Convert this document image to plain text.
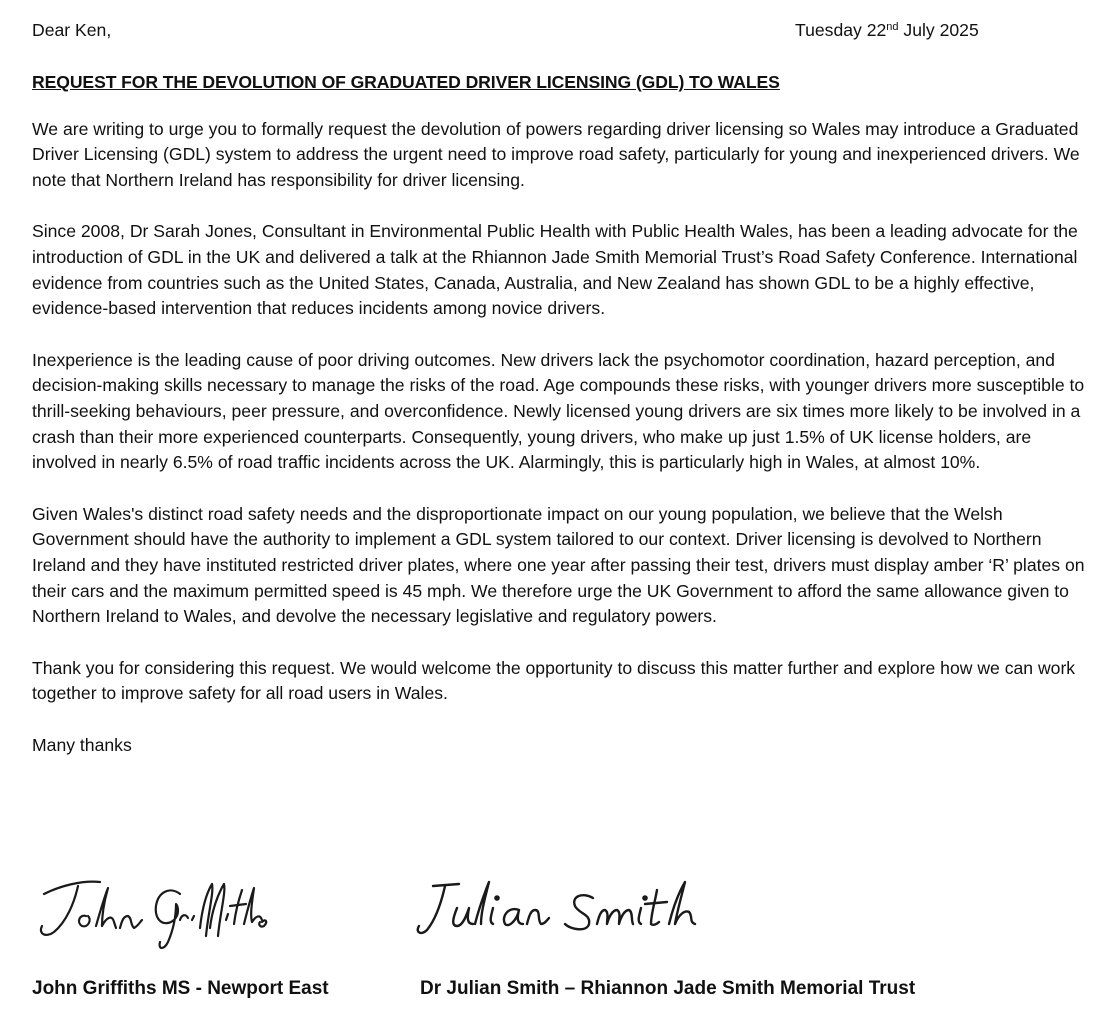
Dear Ken,	Tuesday 22nd July 2025
REQUEST FOR THE DEVOLUTION OF GRADUATED DRIVER LICENSING (GDL) TO WALES

We are writing to urge you to formally request the devolution of powers regarding driver licensing so Wales may introduce a Graduated Driver Licensing (GDL) system to address the urgent need to improve road safety, particularly for young and inexperienced drivers. We note that Northern Ireland has responsibility for driver licensing.

Since 2008, Dr Sarah Jones, Consultant in Environmental Public Health with Public Health Wales, has been a leading advocate for the introduction of GDL in the UK and delivered a talk at the Rhiannon Jade Smith Memorial Trust’s Road Safety Conference. International evidence from countries such as the United States, Canada, Australia, and New Zealand has shown GDL to be a highly effective, evidence-based intervention that reduces incidents among novice drivers.

Inexperience is the leading cause of poor driving outcomes. New drivers lack the psychomotor coordination, hazard perception, and decision-making skills necessary to manage the risks of the road. Age compounds these risks, with younger drivers more susceptible to thrill-seeking behaviours, peer pressure, and overconfidence. Newly licensed young drivers are six times more likely to be involved in a crash than their more experienced counterparts. Consequently, young drivers, who make up just 1.5% of UK license holders, are involved in nearly 6.5% of road traffic incidents across the UK. Alarmingly, this is particularly high in Wales, at almost 10%.

Given Wales's distinct road safety needs and the disproportionate impact on our young population, we believe that the Welsh Government should have the authority to implement a GDL system tailored to our context. Driver licensing is devolved to Northern Ireland and they have instituted restricted driver plates, where one year after passing their test, drivers must display amber ‘R’ plates on their cars and the maximum permitted speed is 45 mph. We therefore urge the UK Government to afford the same allowance given to Northern Ireland to Wales, and devolve the necessary legislative and regulatory powers.

Thank you for considering this request. We would welcome the opportunity to discuss this matter further and explore how we can work together to improve safety for all road users in Wales.

Many thanks
John Griffiths MS - Newport East	Dr Julian Smith – Rhiannon Jade Smith Memorial Trust
